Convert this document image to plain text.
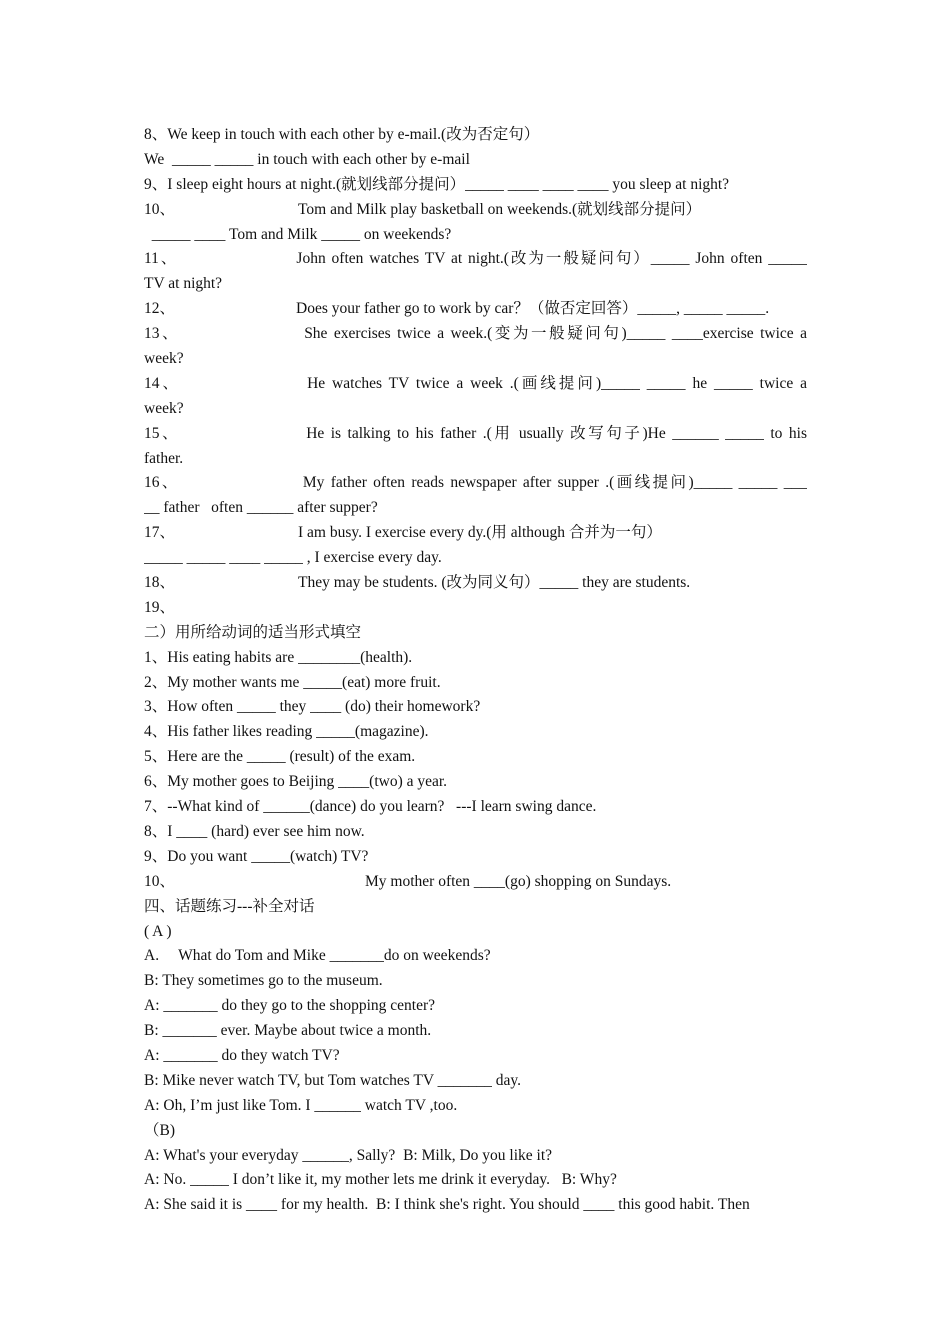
8、We keep in touch with each other by e-mail.(改为否定句）
We  _____ _____ in touch with each other by e-mail
9、I sleep eight hours at night.(就划线部分提问）_____ ____ ____ ____ you sleep at night?
10、	Tom and Milk play basketball on weekends.(就划线部分提问）
_____ ____ Tom and Milk _____ on weekends?
11、	John often watches TV at night.(改为一般疑问句）_____ John often _____
TV at night?
12、	Does your father go to work by car？（做否定回答）_____, _____ _____.
13、	She exercises twice a week.(变为一般疑问句)_____ ____exercise twice a
week?
14、	He watches TV twice a week .(画线提问)_____ _____ he _____ twice a
week?
15、	He is talking to his father .(用 usually 改写句子)He ______ _____ to his
father.
16、	My father often reads newspaper after supper .(画线提问)_____ _____ ___
__ father   often ______ after supper?
17、	I am busy. I exercise every dy.(用 although 合并为一句）
_____ _____ ____ _____ , I exercise every day.
18、	They may be students. (改为同义句）_____ they are students.
19、
二）用所给动词的适当形式填空
1、His eating habits are ________(health).
2、My mother wants me _____(eat) more fruit.
3、How often _____ they ____ (do) their homework?
4、His father likes reading _____(magazine).
5、Here are the _____ (result) of the exam.
6、My mother goes to Beijing ____(two) a year.
7、--What kind of ______(dance) do you learn?   ---I learn swing dance.
8、I ____ (hard) ever see him now.
9、Do you want _____(watch) TV?
10、	My mother often ____(go) shopping on Sundays.
四、话题练习---补全对话
( A )
A.     What do Tom and Mike _______do on weekends?
B: They sometimes go to the museum.
A: _______ do they go to the shopping center?
B: _______ ever. Maybe about twice a month.
A: _______ do they watch TV?
B: Mike never watch TV, but Tom watches TV _______ day.
A: Oh, I’m just like Tom. I ______ watch TV ,too.
（B)
A: What's your everyday ______, Sally?  B: Milk, Do you like it?
A: No. _____ I don’t like it, my mother lets me drink it everyday.   B: Why?
A: She said it is ____ for my health.  B: I think she's right. You should ____ this good habit. Then
